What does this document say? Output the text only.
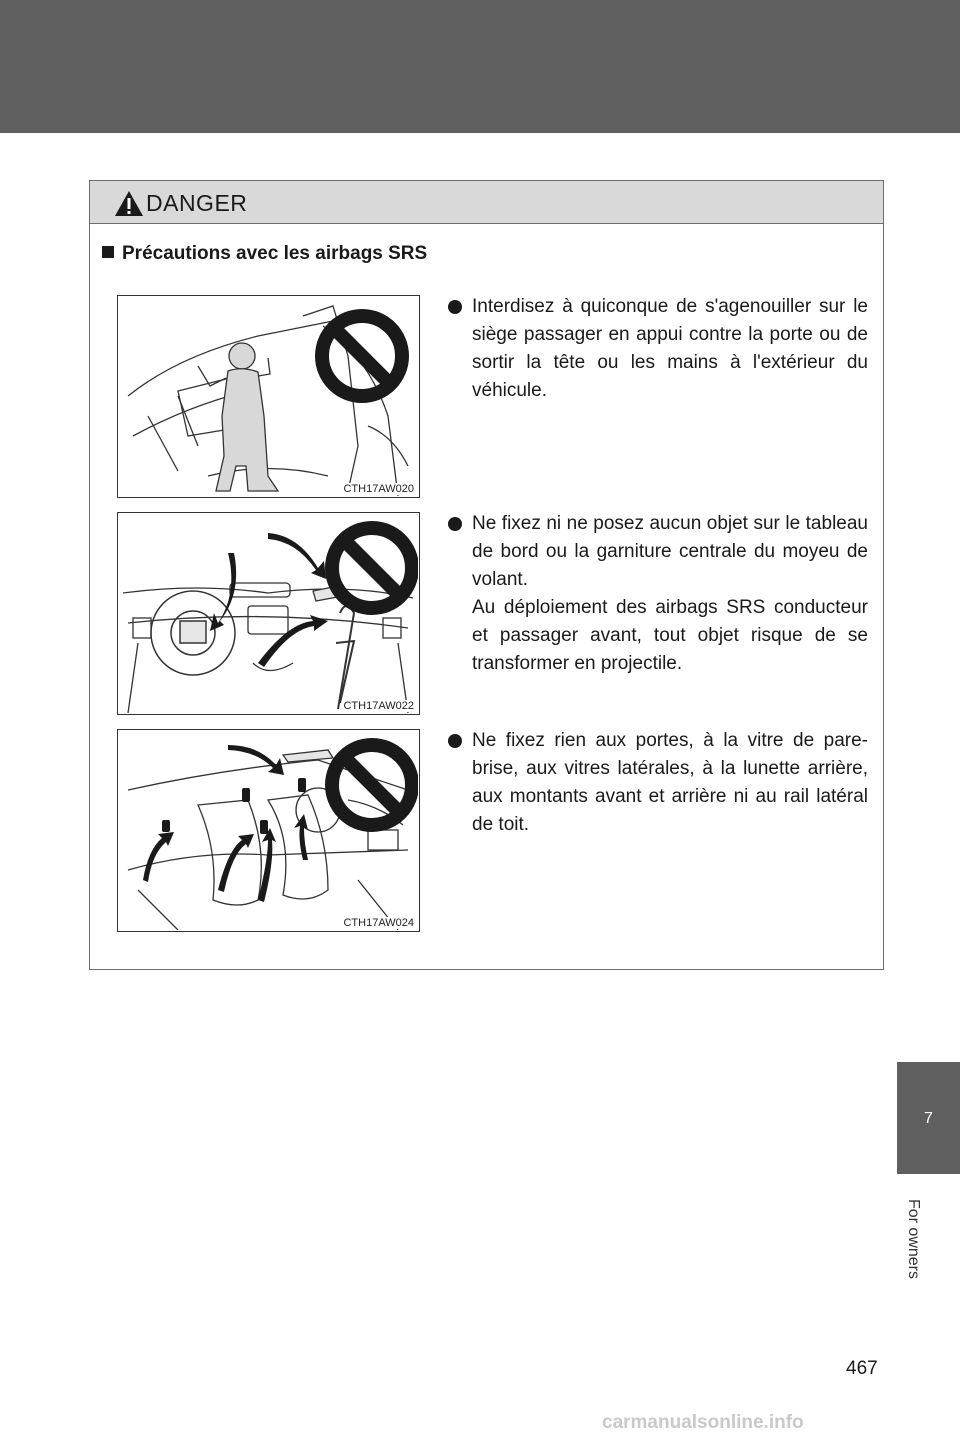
DANGER
Précautions avec les airbags SRS
CTH17AW020
CTH17AW022
CTH17AW024

Interdisez à quiconque de s'agenouiller sur le siège passager en appui contre la porte ou de sortir la tête ou les mains à l'extérieur du véhicule.

Ne fixez ni ne posez aucun objet sur le tableau de bord ou la garniture centrale du moyeu de volant.

Au déploiement des airbags SRS conducteur et passager avant, tout objet risque de se transformer en projectile.

Ne fixez rien aux portes, à la vitre de pare-brise, aux vitres latérales, à la lunette arrière, aux montants avant et arrière ni au rail latéral de toit.

7
For owners
467
carmanualsonline.info
